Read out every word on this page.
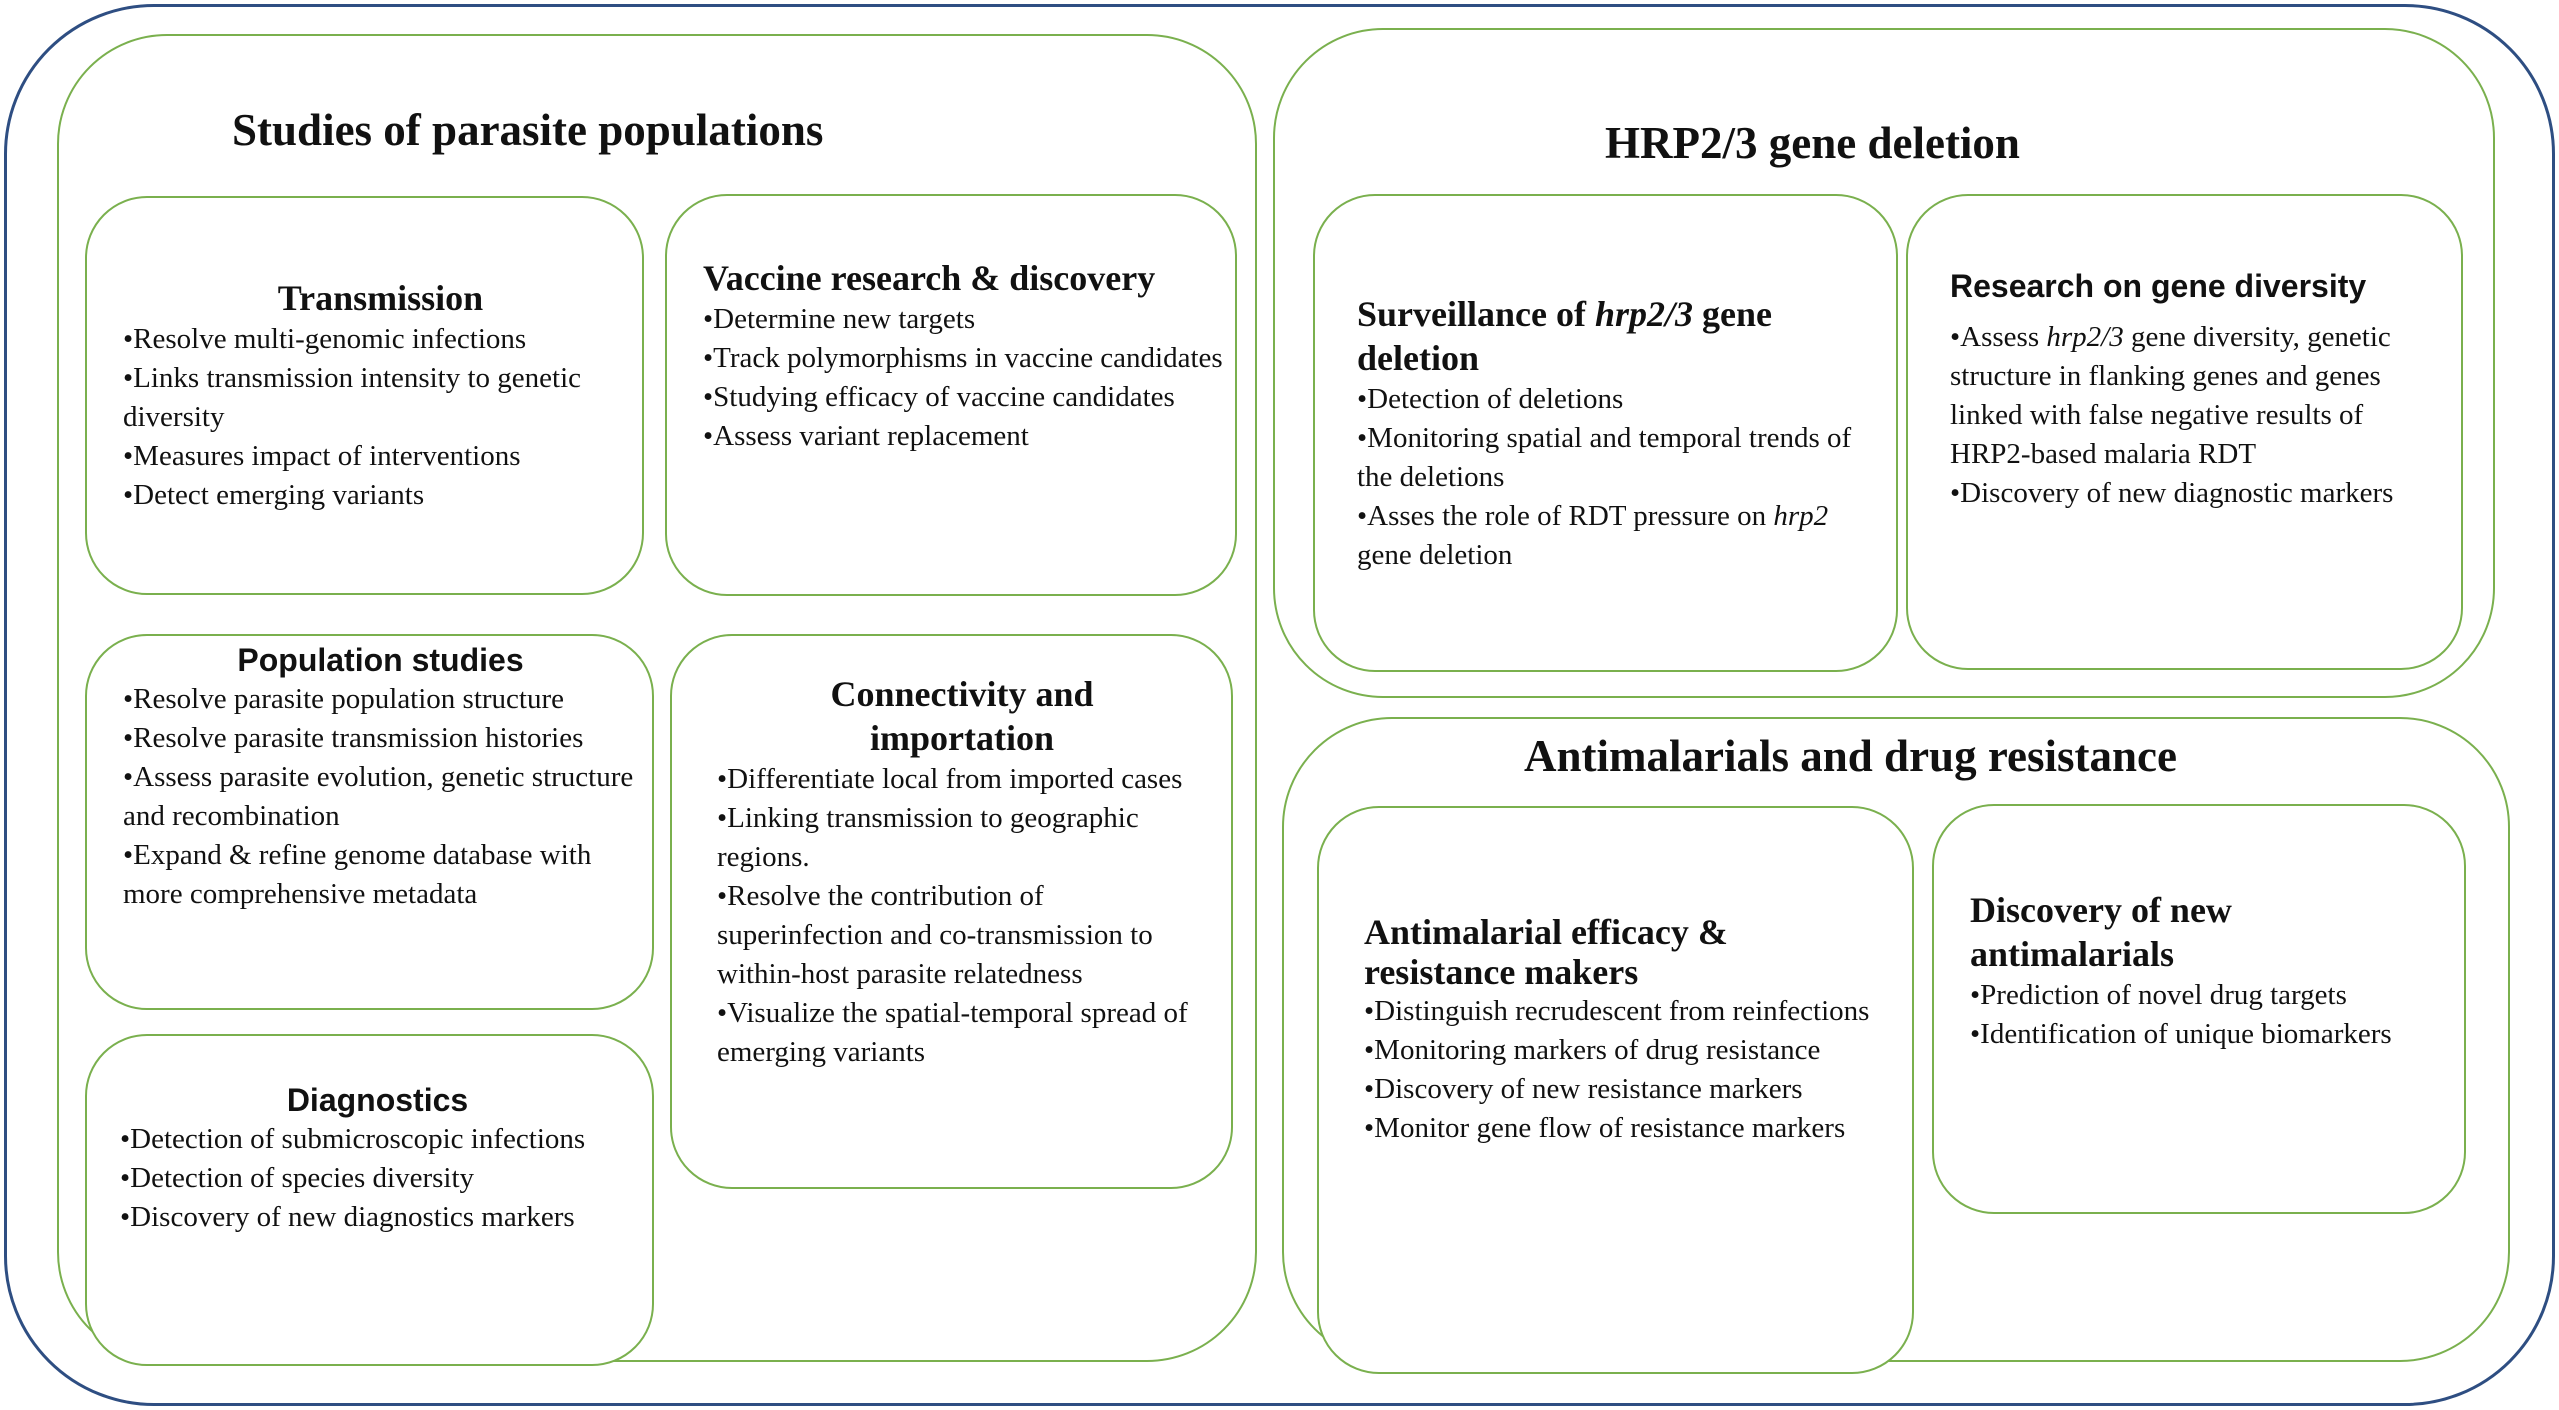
Studies of parasite populations
Transmission
• Resolve multi-genomic infections
• Links transmission intensity to genetic diversity
• Measures impact of interventions
• Detect emerging variants
Vaccine research & discovery
• Determine new targets
• Track polymorphisms in vaccine candidates
• Studying efficacy of vaccine candidates
• Assess variant replacement
Population studies
• Resolve parasite population structure
• Resolve parasite transmission histories
• Assess parasite evolution, genetic structure and recombination
• Expand & refine genome database with more comprehensive metadata
Connectivity and
importation
• Differentiate local from imported cases
• Linking transmission to geographic regions.
• Resolve the contribution of superinfection and co-transmission to within-host parasite relatedness
• Visualize the spatial-temporal spread of emerging variants
Diagnostics
• Detection of submicroscopic infections
• Detection of species diversity
• Discovery of new diagnostics markers
HRP2/3 gene deletion
Surveillance of hrp2/3 gene deletion
• Detection of deletions
• Monitoring spatial and temporal trends of the deletions
• Asses the role of RDT pressure on hrp2 gene deletion
Research on gene diversity
• Assess hrp2/3 gene diversity, genetic structure in flanking genes and genes linked with false negative results of HRP2-based malaria RDT
• Discovery of new diagnostic markers
Antimalarials and drug resistance
Antimalarial efficacy &
resistance makers
• Distinguish recrudescent from reinfections
• Monitoring markers of drug resistance
• Discovery of new resistance markers
• Monitor gene flow of resistance markers
Discovery of new
antimalarials
• Prediction of novel drug targets
• Identification of unique biomarkers
